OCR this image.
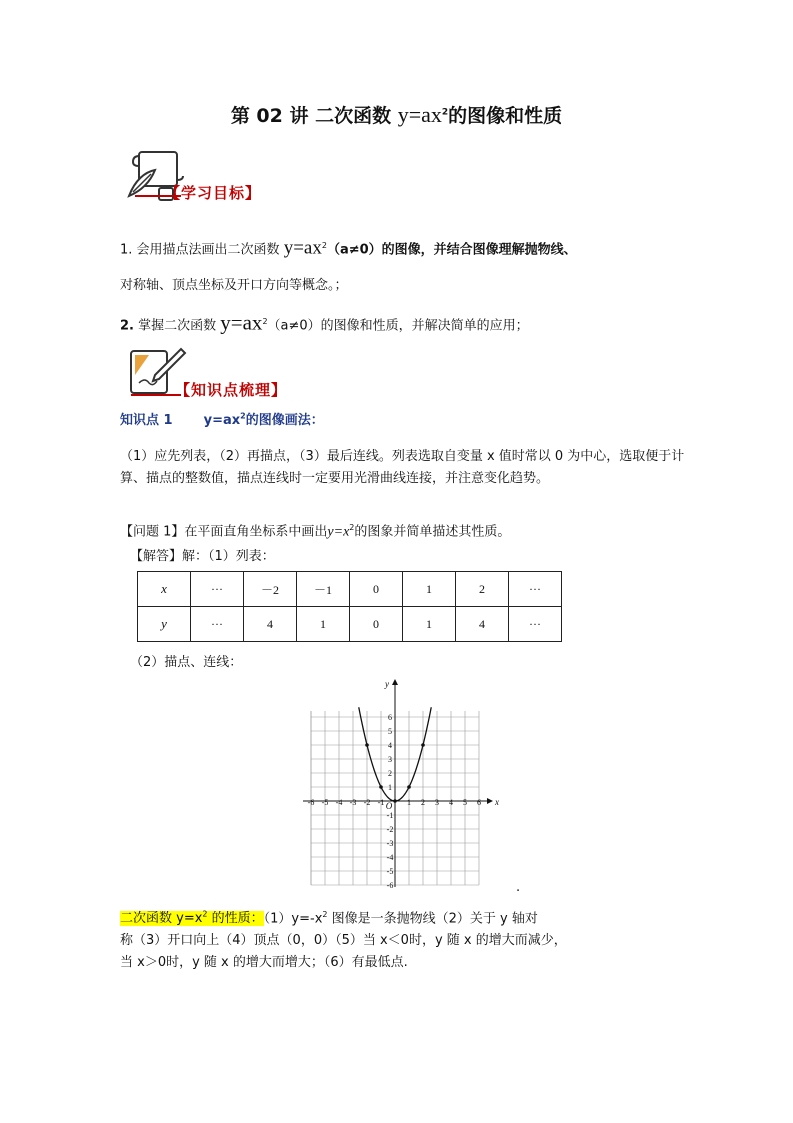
第 02 讲 二次函数 $y=ax^2$的图像和性质
【学习目标】
1. 会用描点法画出二次函数 $y=ax^2(a\ne 0)$的图像，并结合图像理解抛物线、
对称轴、顶点坐标及开口方向等概念。；
2. 掌握二次函数 $y=ax^2(a\ne 0)$的图像和性质，并解决简单的应用；
【知识点梳理】
知识点 1 $y=ax^2$的图像画法：
（1）应先列表，（2）再描点，（3）最后连线。列表选取自变量 x 值时常以 0 为中心，选取便于计算、描点的整数值，描点连线时一定要用光滑曲线连接，并注意变化趋势。
【问题 1】在平面直角坐标系中画出$y=x^2$的图象并简单描述其性质。
【解答】解：（1）列表：
x	···	－2	－1	0	1	2	···
y	···	4	1	0	1	4	···
（2）描点、连线：
-6 -5 -4 -3 -2 -1	1 2 3 4 5 6
6
5
4
3
2
1
-1
-2
-3
-4
-5
-6
x
y
O
.
二次函数 $y=x^2$ 的性质：$(1)y=-x^2$ 图像是一条抛物线（2）关于 y 轴对
称（3）开口向上（4）顶点（0，0）（5）当 x＜0时，y 随 x 的增大而减少，
当 x＞0时，y 随 x 的增大而增大；（6）有最低点.
